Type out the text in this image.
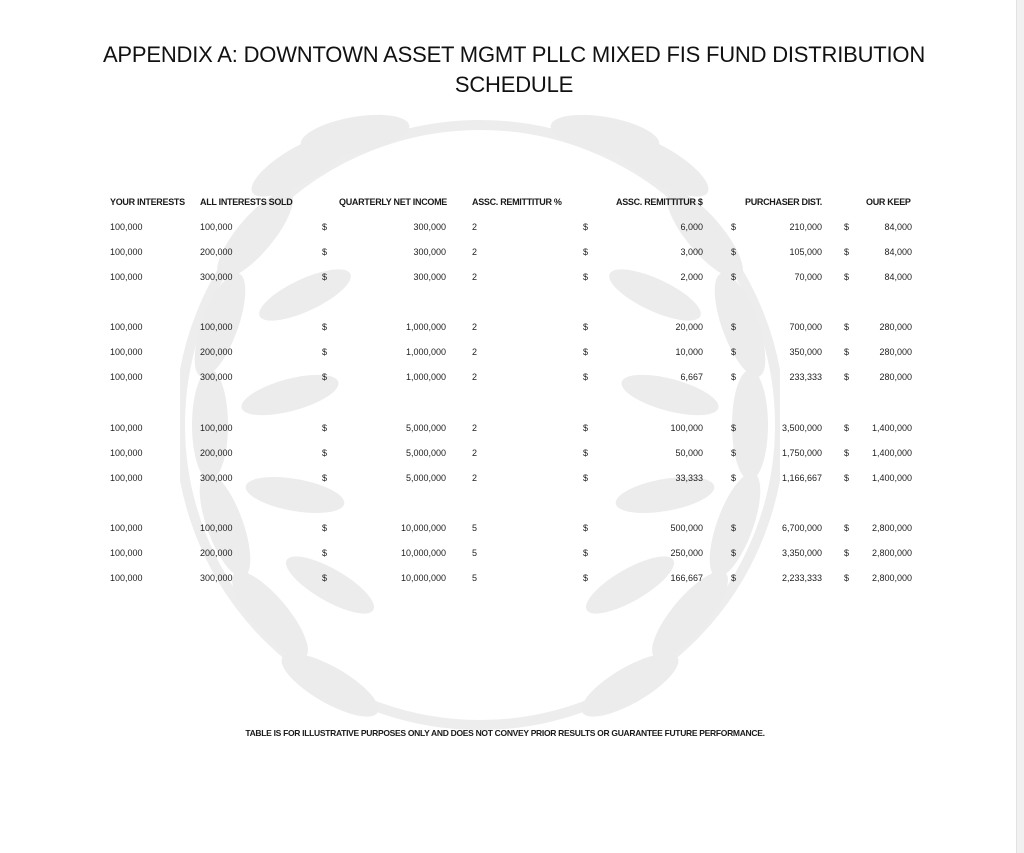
APPENDIX A: DOWNTOWN ASSET MGMT PLLC MIXED FIS FUND DISTRIBUTION
SCHEDULE
YOUR INTERESTS ALL INTERESTS SOLD	QUARTERLY NET INCOME	ASSC. REMITTITUR %	ASSC. REMITTITUR $	PURCHASER DIST.	OUR KEEP
100,000	100,000	$	300,000	2	$	6,000	$	210,000 $	84,000
100,000	200,000	$	300,000	2	$	3,000	$	105,000 $	84,000
100,000	300,000	$	300,000	2	$	2,000	$	70,000 $	84,000
100,000	100,000	$	1,000,000	2	$	20,000	$	700,000 $	280,000
100,000	200,000	$	1,000,000	2	$	10,000	$	350,000 $	280,000
100,000	300,000	$	1,000,000	2	$	6,667	$	233,333 $	280,000
100,000	100,000	$	5,000,000	2	$	100,000	$	3,500,000 $	1,400,000
100,000	200,000	$	5,000,000	2	$	50,000	$	1,750,000 $	1,400,000
100,000	300,000	$	5,000,000	2	$	33,333	$	1,166,667 $	1,400,000
100,000	100,000	$	10,000,000	5	$	500,000	$	6,700,000 $	2,800,000
100,000	200,000	$	10,000,000	5	$	250,000	$	3,350,000 $	2,800,000
100,000	300,000	$	10,000,000	5	$	166,667	$	2,233,333 $	2,800,000
TABLE IS FOR ILLUSTRATIVE PURPOSES ONLY AND DOES NOT CONVEY PRIOR RESULTS OR GUARANTEE FUTURE PERFORMANCE.
